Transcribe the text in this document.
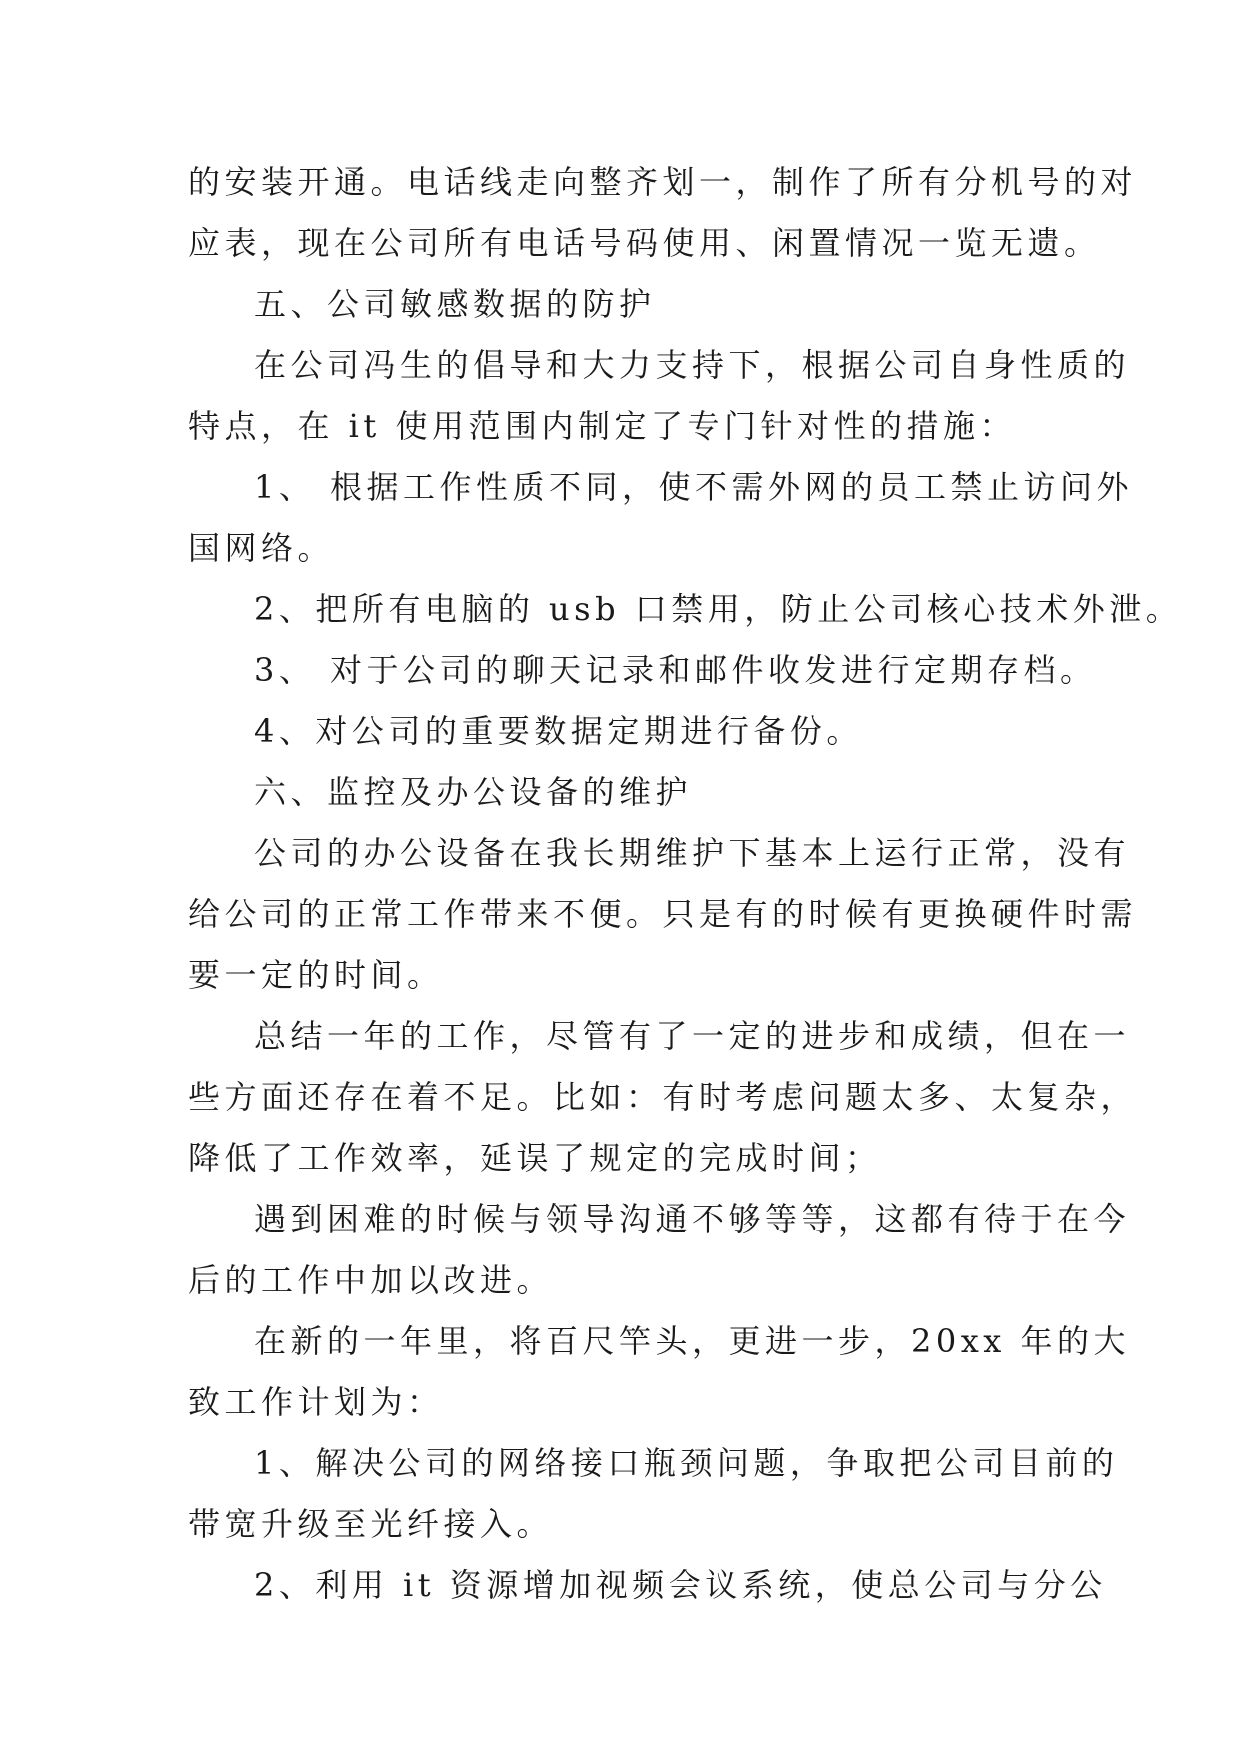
的安装开通。电话线走向整齐划一，制作了所有分机号的对
应表，现在公司所有电话号码使用、闲置情况一览无遗。
五、公司敏感数据的防护
在公司冯生的倡导和大力支持下，根据公司自身性质的
特点，在 it 使用范围内制定了专门针对性的措施：
1、 根据工作性质不同，使不需外网的员工禁止访问外
国网络。
2、把所有电脑的 usb 口禁用，防止公司核心技术外泄。
3、 对于公司的聊天记录和邮件收发进行定期存档。
4、对公司的重要数据定期进行备份。
六、监控及办公设备的维护
公司的办公设备在我长期维护下基本上运行正常，没有
给公司的正常工作带来不便。只是有的时候有更换硬件时需
要一定的时间。
总结一年的工作，尽管有了一定的进步和成绩，但在一
些方面还存在着不足。比如：有时考虑问题太多、太复杂，
降低了工作效率，延误了规定的完成时间；
遇到困难的时候与领导沟通不够等等，这都有待于在今
后的工作中加以改进。
在新的一年里，将百尺竿头，更进一步，20xx 年的大
致工作计划为：
1、解决公司的网络接口瓶颈问题，争取把公司目前的
带宽升级至光纤接入。
2、利用 it 资源增加视频会议系统，使总公司与分公
